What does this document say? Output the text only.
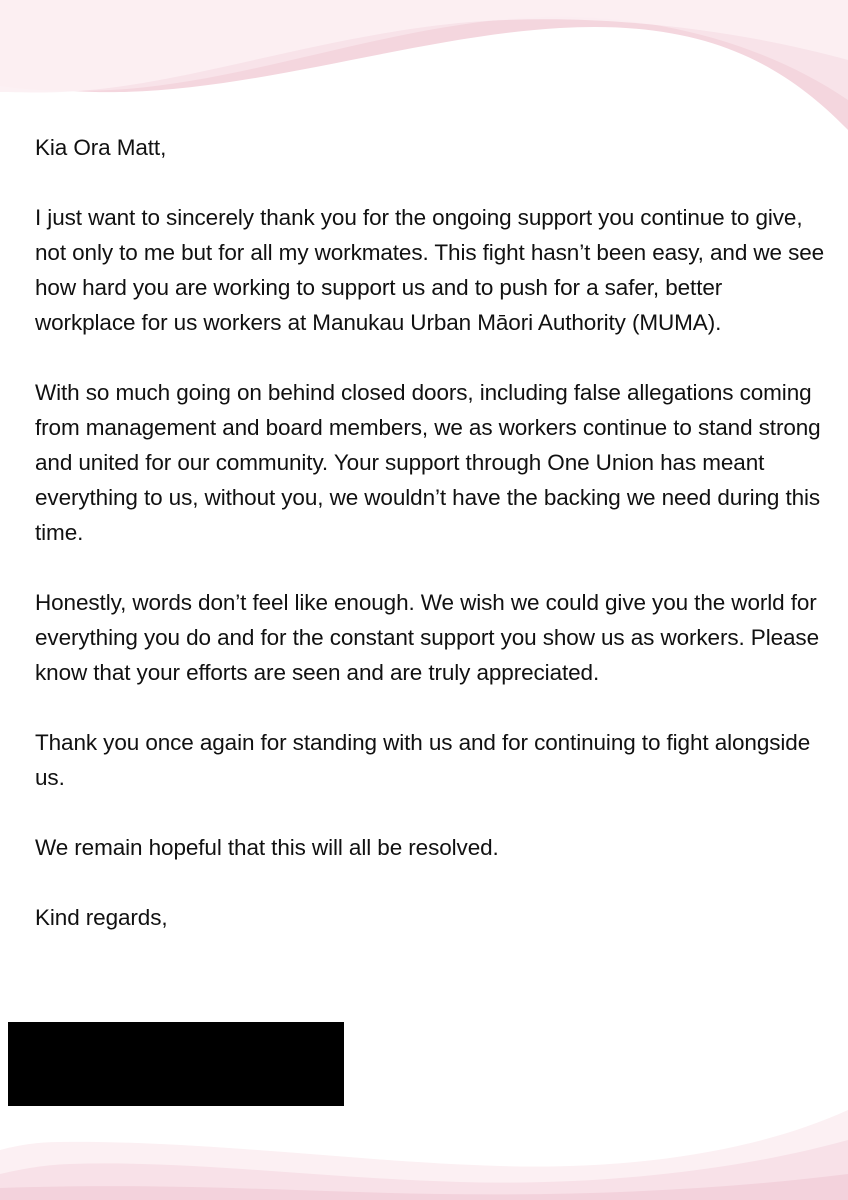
Kia Ora Matt,

I just want to sincerely thank you for the ongoing support you continue to give, not only to me but for all my workmates. This fight hasn’t been easy, and we see how hard you are working to support us and to push for a safer, better workplace for us workers at Manukau Urban Māori Authority (MUMA).

With so much going on behind closed doors, including false allegations coming from management and board members, we as workers continue to stand strong and united for our community. Your support through One Union has meant everything to us, without you, we wouldn’t have the backing we need during this time.

Honestly, words don’t feel like enough. We wish we could give you the world for everything you do and for the constant support you show us as workers. Please know that your efforts are seen and are truly appreciated.

Thank you once again for standing with us and for continuing to fight alongside us.

We remain hopeful that this will all be resolved.

Kind regards,
